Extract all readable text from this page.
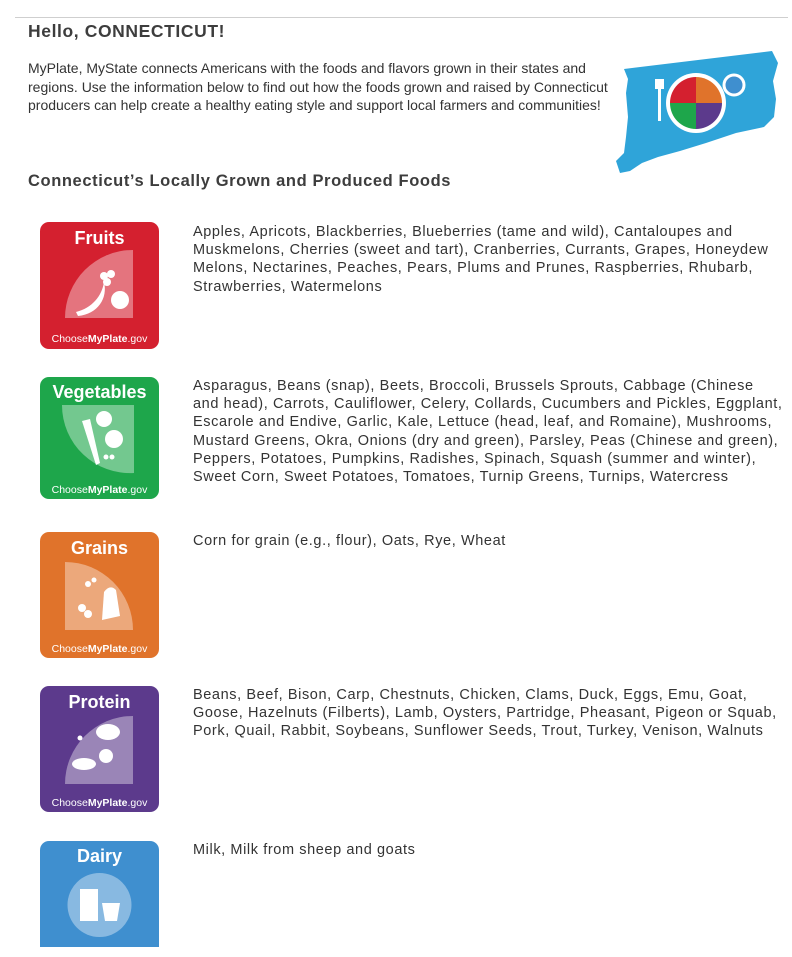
Hello, CONNECTICUT!

MyPlate, MyState connects Americans with the foods and flavors grown in their states and regions. Use the information below to find out how the foods grown and raised by Connecticut producers can help create a healthy eating style and support local farmers and communities!

Connecticut’s Locally Grown and Produced Foods
Fruits
ChooseMyPlate.gov

Apples, Apricots, Blackberries, Blueberries (tame and wild), Cantaloupes and Muskmelons, Cherries (sweet and tart), Cranberries, Currants, Grapes, Honeydew Melons, Nectarines, Peaches, Pears, Plums and Prunes, Raspberries, Rhubarb, Strawberries, Watermelons

Vegetables
ChooseMyPlate.gov

Asparagus, Beans (snap), Beets, Broccoli, Brussels Sprouts, Cabbage (Chinese and head), Carrots, Cauliflower, Celery, Collards, Cucumbers and Pickles, Eggplant, Escarole and Endive, Garlic, Kale, Lettuce (head, leaf, and Romaine), Mushrooms, Mustard Greens, Okra, Onions (dry and green), Parsley, Peas (Chinese and green), Peppers, Potatoes, Pumpkins, Radishes, Spinach, Squash (summer and winter), Sweet Corn, Sweet Potatoes, Tomatoes, Turnip Greens, Turnips, Watercress

Grains
ChooseMyPlate.gov

Corn for grain (e.g., flour), Oats, Rye, Wheat

Protein
ChooseMyPlate.gov

Beans, Beef, Bison, Carp, Chestnuts, Chicken, Clams, Duck, Eggs, Emu, Goat, Goose, Hazelnuts (Filberts), Lamb, Oysters, Partridge, Pheasant, Pigeon or Squab, Pork, Quail, Rabbit, Soybeans, Sunflower Seeds, Trout, Turkey, Venison, Walnuts

Dairy	Milk, Milk from sheep and goats
